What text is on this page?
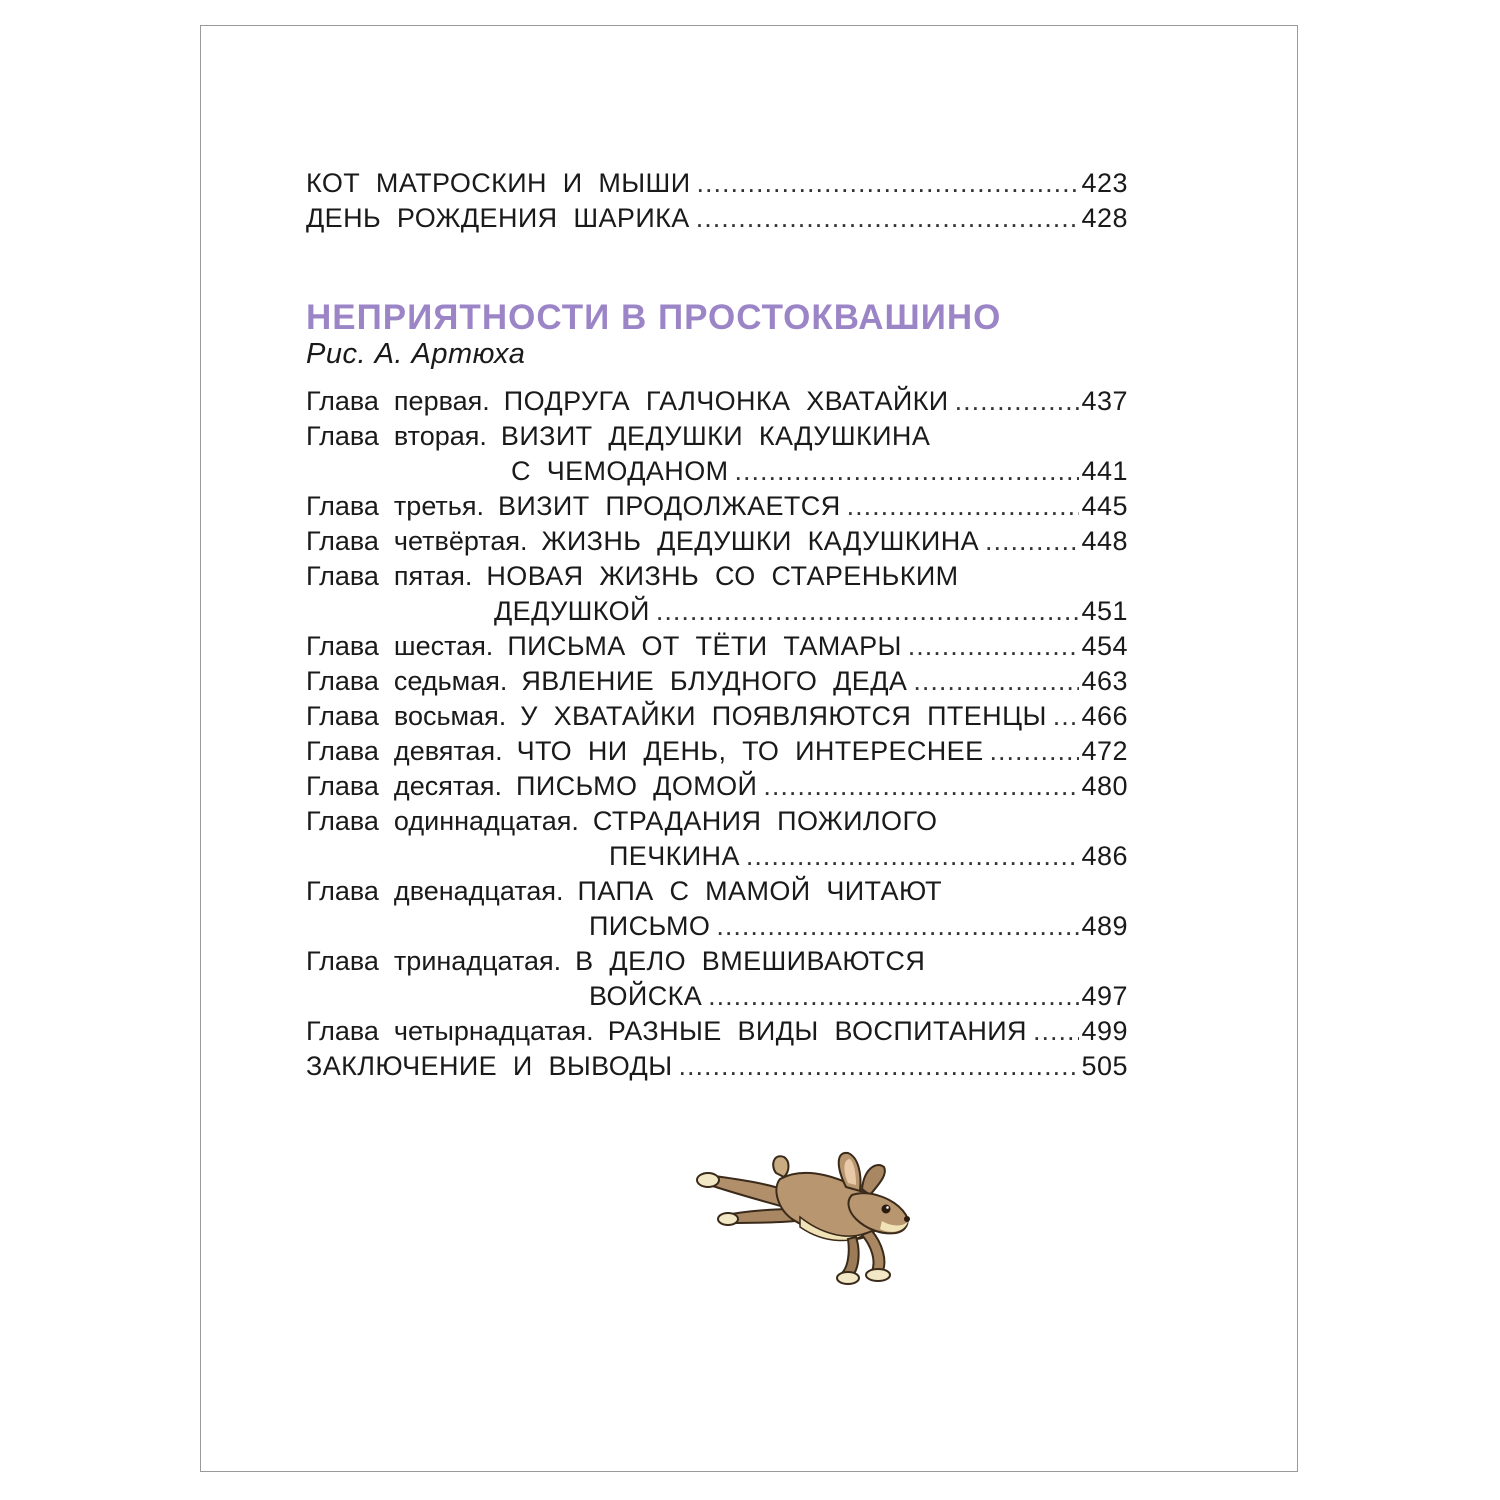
КОТ  МАТРОСКИН  И  МЫШИ .....	423
ДЕНЬ  РОЖДЕНИЯ  ШАРИКА .....	428
НЕПРИЯТНОСТИ В ПРОСТОКВАШИНО
Рис. А. Артюха
Глава  первая. ПОДРУГА  ГАЛЧОНКА  ХВАТАЙКИ .....	437
Глава  вторая. ВИЗИТ  ДЕДУШКИ  КАДУШКИНА
С  ЧЕМОДАНОМ .....	441
Глава  третья. ВИЗИТ  ПРОДОЛЖАЕТСЯ .....	445
Глава  четвёртая. ЖИЗНЬ  ДЕДУШКИ  КАДУШКИНА .....	448
Глава  пятая. НОВАЯ  ЖИЗНЬ  СО  СТАРЕНЬКИМ
ДЕДУШКОЙ .....	451
Глава  шестая. ПИСЬМА  ОТ  ТЁТИ  ТАМАРЫ .....	454
Глава  седьмая. ЯВЛЕНИЕ  БЛУДНОГО  ДЕДА .....	463
Глава  восьмая. У  ХВАТАЙКИ  ПОЯВЛЯЮТСЯ  ПТЕНЦЫ ..... 466
Глава  девятая. ЧТО  НИ  ДЕНЬ,  ТО  ИНТЕРЕСНЕЕ .....	472
Глава  десятая. ПИСЬМО  ДОМОЙ .....	480
Глава  одиннадцатая. СТРАДАНИЯ  ПОЖИЛОГО
ПЕЧКИНА .....	486
Глава  двенадцатая. ПАПА  С  МАМОЙ  ЧИТАЮТ
ПИСЬМО .....	489
Глава  тринадцатая. В  ДЕЛО  ВМЕШИВАЮТСЯ
ВОЙСКА .....	497
Глава  четырнадцатая. РАЗНЫЕ  ВИДЫ  ВОСПИТАНИЯ ..... 499
ЗАКЛЮЧЕНИЕ  И  ВЫВОДЫ .....	505
